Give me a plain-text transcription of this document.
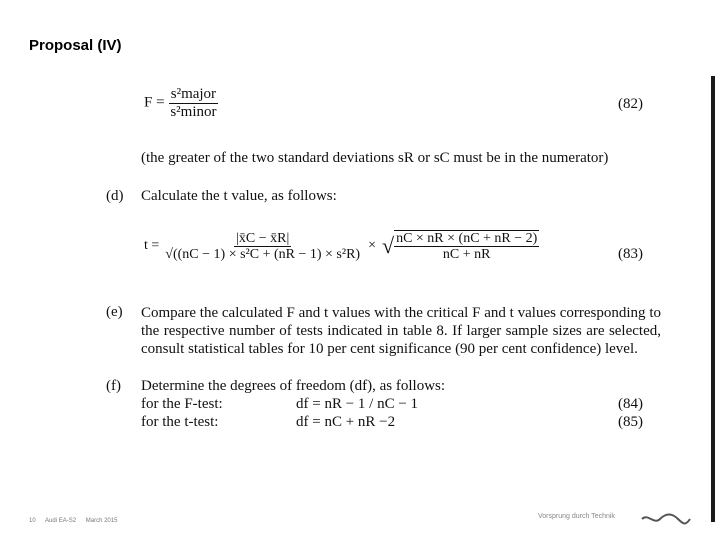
Proposal (IV)
$F = \frac{\text{s²major}}{\text{s²minor}}$	(82)
(the greater of the two standard deviations sR or sC must be in the numerator)
(d) Calculate the t value, as follows:
$t = \frac{|x̄C - x̄R|}{\text{√((nC − 1) × s²C + (nR − 1) × s²R)}}$ × √ $\frac{nC \times nR \times (nC + nR - 2)}{nC + nR}$	(83)
(e) Compare the calculated F and t values with the critical F and t values corresponding to the respective number of tests indicated in table 8. If larger sample sizes are selected, consult statistical tables for 10 per cent significance (90 per cent confidence) level.
(f) Determine the degrees of freedom (df), as follows:
for the F-test:	df = nR − 1 / nC − 1	(84)
for the t-test:	df = nC + nR −2	(85)
10 Audi EA-S2 March 2015
Vorsprung durch Technik
